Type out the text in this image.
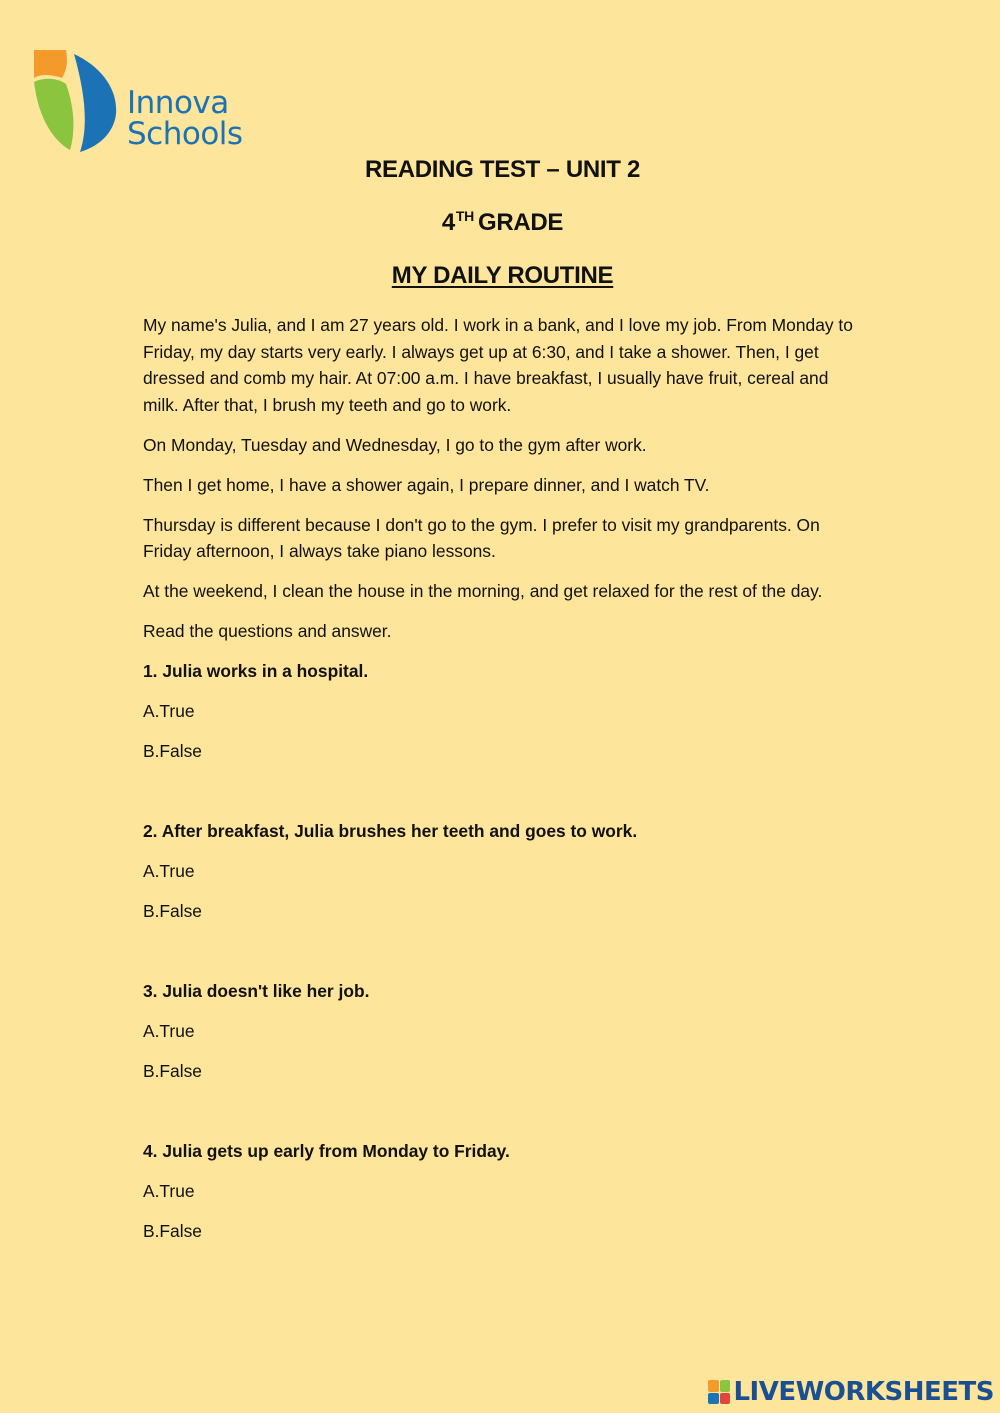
Innova
Schools
READING TEST – UNIT 2
4TH GRADE
MY DAILY ROUTINE

My name's Julia, and I am 27 years old. I work in a bank, and I love my job. From Monday to Friday, my day starts very early. I always get up at 6:30, and I take a shower. Then, I get dressed and comb my hair. At 07:00 a.m. I have breakfast, I usually have fruit, cereal and milk. After that, I brush my teeth and go to work.

On Monday, Tuesday and Wednesday, I go to the gym after work.

Then I get home, I have a shower again, I prepare dinner, and I watch TV.

Thursday is different because I don't go to the gym. I prefer to visit my grandparents. On Friday afternoon, I always take piano lessons.

At the weekend, I clean the house in the morning, and get relaxed for the rest of the day.

Read the questions and answer.

1. Julia works in a hospital.

A.True

B.False

2. After breakfast, Julia brushes her teeth and goes to work.

A.True

B.False

3. Julia doesn't like her job.

A.True

B.False

4. Julia gets up early from Monday to Friday.

A.True

B.False

LIVEWORKSHEETS
